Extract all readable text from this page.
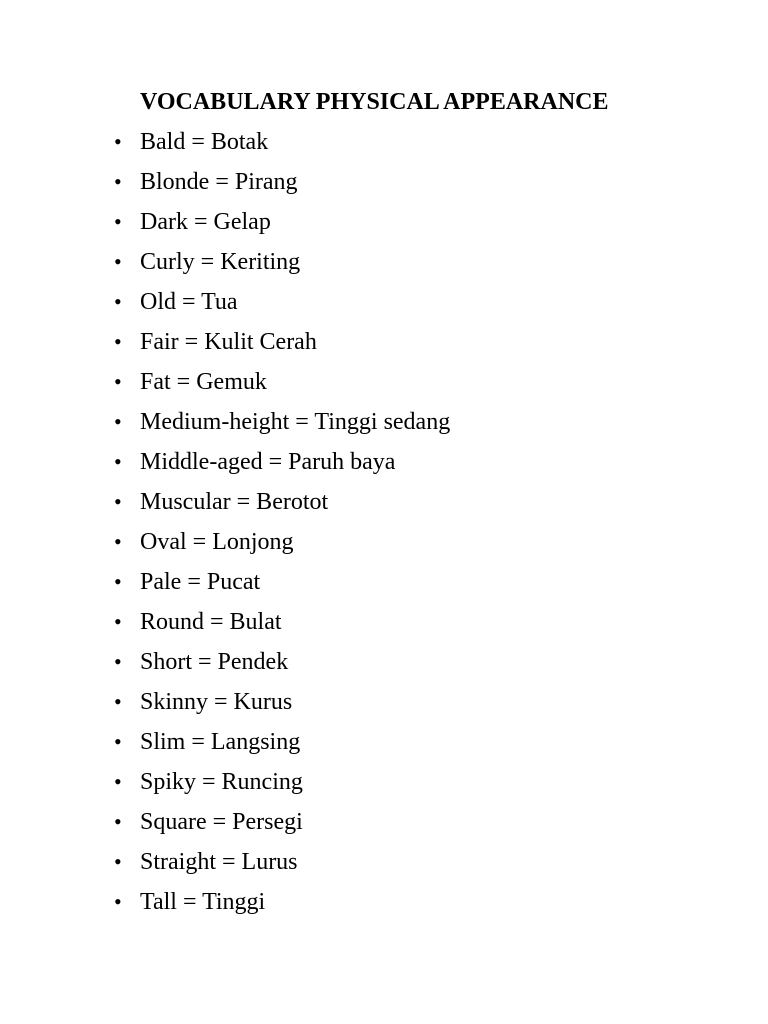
VOCABULARY PHYSICAL APPEARANCE
• Bald = Botak
• Blonde = Pirang
• Dark = Gelap
• Curly = Keriting
• Old = Tua
• Fair = Kulit Cerah
• Fat = Gemuk
• Medium-height = Tinggi sedang
• Middle-aged = Paruh baya
• Muscular = Berotot
• Oval = Lonjong
• Pale = Pucat
• Round = Bulat
• Short = Pendek
• Skinny = Kurus
• Slim = Langsing
• Spiky = Runcing
• Square = Persegi
• Straight = Lurus
• Tall = Tinggi
